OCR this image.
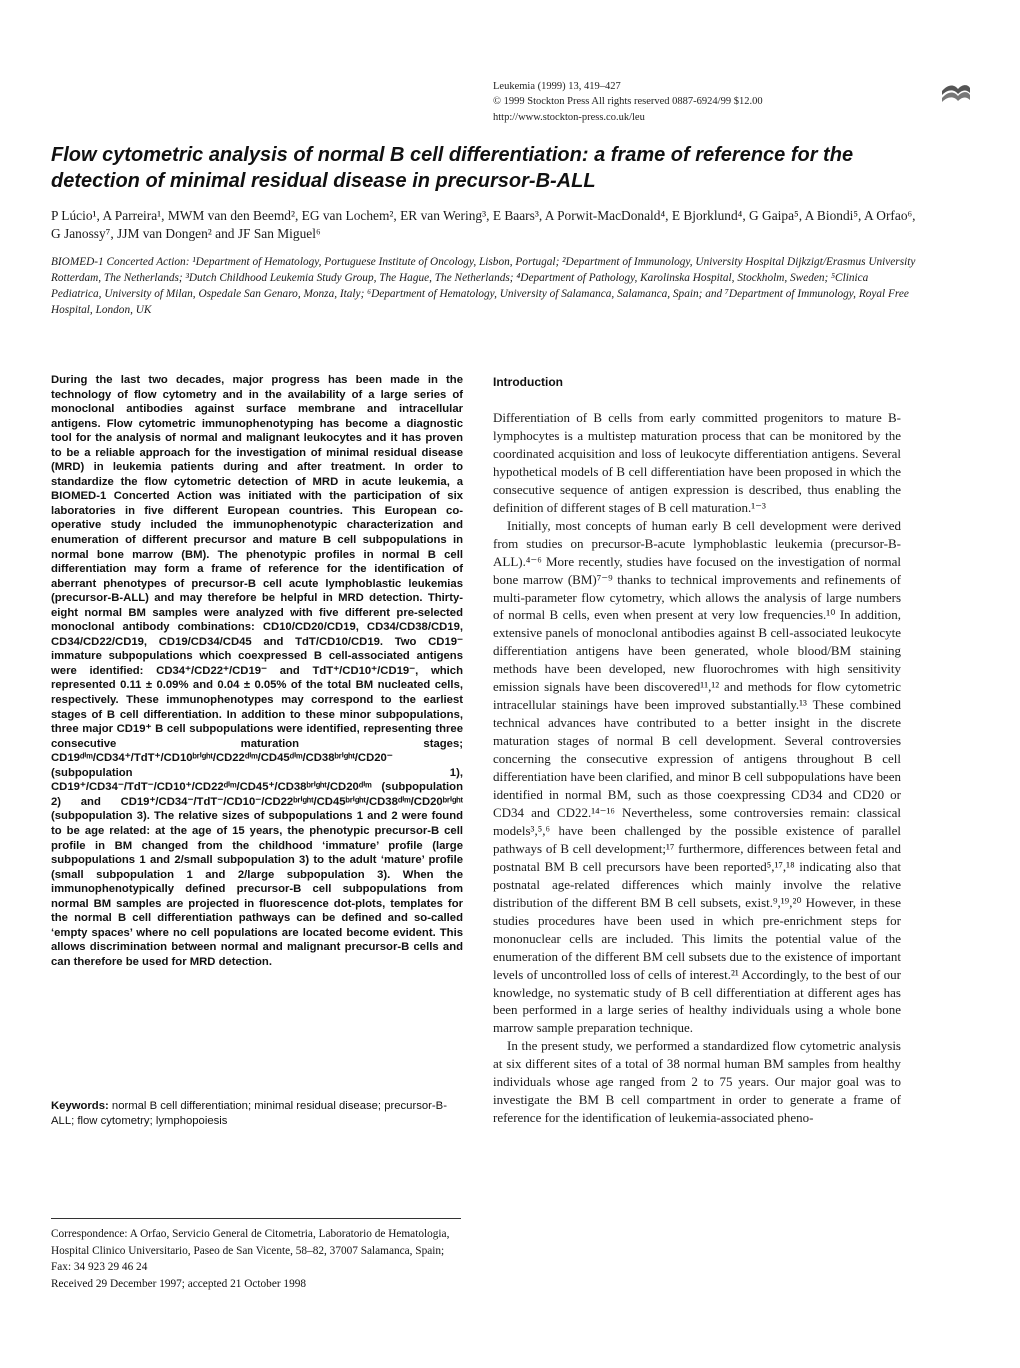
Leukemia (1999) 13, 419–427
© 1999 Stockton Press All rights reserved 0887-6924/99 $12.00
http://www.stockton-press.co.uk/leu
Flow cytometric analysis of normal B cell differentiation: a frame of reference for the detection of minimal residual disease in precursor-B-ALL
P Lúcio¹, A Parreira¹, MWM van den Beemd², EG van Lochem², ER van Wering³, E Baars³, A Porwit-MacDonald⁴, E Bjorklund⁴, G Gaipa⁵, A Biondi⁵, A Orfao⁶, G Janossy⁷, JJM van Dongen² and JF San Miguel⁶
BIOMED-1 Concerted Action: ¹Department of Hematology, Portuguese Institute of Oncology, Lisbon, Portugal; ²Department of Immunology, University Hospital Dijkzigt/Erasmus University Rotterdam, The Netherlands; ³Dutch Childhood Leukemia Study Group, The Hague, The Netherlands; ⁴Department of Pathology, Karolinska Hospital, Stockholm, Sweden; ⁵Clinica Pediatrica, University of Milan, Ospedale San Genaro, Monza, Italy; ⁶Department of Hematology, University of Salamanca, Salamanca, Spain; and ⁷Department of Immunology, Royal Free Hospital, London, UK

During the last two decades, major progress has been made in the technology of flow cytometry and in the availability of a large series of monoclonal antibodies against surface membrane and intracellular antigens. Flow cytometric immunophenotyping has become a diagnostic tool for the analysis of normal and malignant leukocytes and it has proven to be a reliable approach for the investigation of minimal residual disease (MRD) in leukemia patients during and after treatment. In order to standardize the flow cytometric detection of MRD in acute leukemia, a BIOMED-1 Concerted Action was initiated with the participation of six laboratories in five different European countries. This European co-operative study included the immunophenotypic characterization and enumeration of different precursor and mature B cell subpopulations in normal bone marrow (BM). The phenotypic profiles in normal B cell differentiation may form a frame of reference for the identification of aberrant phenotypes of precursor-B cell acute lymphoblastic leukemias (precursor-B-ALL) and may therefore be helpful in MRD detection. Thirty-eight normal BM samples were analyzed with five different pre-selected monoclonal antibody combinations: CD10/CD20/CD19, CD34/CD38/CD19, CD34/CD22/CD19, CD19/CD34/CD45 and TdT/CD10/CD19. Two CD19⁻ immature subpopulations which coexpressed B cell-associated antigens were identified: CD34⁺/CD22⁺/CD19⁻ and TdT⁺/CD10⁺/CD19⁻, which represented 0.11 ± 0.09% and 0.04 ± 0.05% of the total BM nucleated cells, respectively. These immunophenotypes may correspond to the earliest stages of B cell differentiation. In addition to these minor subpopulations, three major CD19⁺ B cell subpopulations were identified, representing three consecutive maturation stages; CD19ᵈⁱᵐ/CD34⁺/TdT⁺/CD10ᵇʳⁱᵍʰᵗ/CD22ᵈⁱᵐ/CD45ᵈⁱᵐ/CD38ᵇʳⁱᵍʰᵗ/CD20⁻ (subpopulation 1), CD19⁺/CD34⁻/TdT⁻/CD10⁺/CD22ᵈⁱᵐ/CD45⁺/CD38ᵇʳⁱᵍʰᵗ/CD20ᵈⁱᵐ (subpopulation 2) and CD19⁺/CD34⁻/TdT⁻/CD10⁻/CD22ᵇʳⁱᵍʰᵗ/CD45ᵇʳⁱᵍʰᵗ/CD38ᵈⁱᵐ/CD20ᵇʳⁱᵍʰᵗ (subpopulation 3). The relative sizes of subpopulations 1 and 2 were found to be age related: at the age of 15 years, the phenotypic precursor-B cell profile in BM changed from the childhood ‘immature’ profile (large subpopulations 1 and 2/small subpopulation 3) to the adult ‘mature’ profile (small subpopulation 1 and 2/large subpopulation 3). When the immunophenotypically defined precursor-B cell subpopulations from normal BM samples are projected in fluorescence dot-plots, templates for the normal B cell differentiation pathways can be defined and so-called ‘empty spaces’ where no cell populations are located become evident. This allows discrimination between normal and malignant precursor-B cells and can therefore be used for MRD detection.

Keywords: normal B cell differentiation; minimal residual disease; precursor-B-ALL; flow cytometry; lymphopoiesis
Correspondence: A Orfao, Servicio General de Citometria, Laboratorio de Hematologia, Hospital Clinico Universitario, Paseo de San Vicente, 58–82, 37007 Salamanca, Spain; Fax: 34 923 29 46 24
Received 29 December 1997; accepted 21 October 1998
Introduction

Differentiation of B cells from early committed progenitors to mature B-lymphocytes is a multistep maturation process that can be monitored by the coordinated acquisition and loss of leukocyte differentiation antigens. Several hypothetical models of B cell differentiation have been proposed in which the consecutive sequence of antigen expression is described, thus enabling the definition of different stages of B cell maturation.¹⁻³

Initially, most concepts of human early B cell development were derived from studies on precursor-B-acute lymphoblastic leukemia (precursor-B-ALL).⁴⁻⁶ More recently, studies have focused on the investigation of normal bone marrow (BM)⁷⁻⁹ thanks to technical improvements and refinements of multi-parameter flow cytometry, which allows the analysis of large numbers of normal B cells, even when present at very low frequencies.¹⁰ In addition, extensive panels of monoclonal antibodies against B cell-associated leukocyte differentiation antigens have been generated, whole blood/BM staining methods have been developed, new fluorochromes with high sensitivity emission signals have been discovered¹¹,¹² and methods for flow cytometric intracellular stainings have been improved substantially.¹³ These combined technical advances have contributed to a better insight in the discrete maturation stages of normal B cell development. Several controversies concerning the consecutive expression of antigens throughout B cell differentiation have been clarified, and minor B cell subpopulations have been identified in normal BM, such as those coexpressing CD34 and CD20 or CD34 and CD22.¹⁴⁻¹⁶ Nevertheless, some controversies remain: classical models³,⁵,⁶ have been challenged by the possible existence of parallel pathways of B cell development;¹⁷ furthermore, differences between fetal and postnatal BM B cell precursors have been reported⁵,¹⁷,¹⁸ indicating also that postnatal age-related differences which mainly involve the relative distribution of the different BM B cell subsets, exist.⁹,¹⁹,²⁰ However, in these studies procedures have been used in which pre-enrichment steps for mononuclear cells are included. This limits the potential value of the enumeration of the different BM cell subsets due to the existence of important levels of uncontrolled loss of cells of interest.²¹ Accordingly, to the best of our knowledge, no systematic study of B cell differentiation at different ages has been performed in a large series of healthy individuals using a whole bone marrow sample preparation technique.

In the present study, we performed a standardized flow cytometric analysis at six different sites of a total of 38 normal human BM samples from healthy individuals whose age ranged from 2 to 75 years. Our major goal was to investigate the BM B cell compartment in order to generate a frame of reference for the identification of leukemia-associated pheno-
